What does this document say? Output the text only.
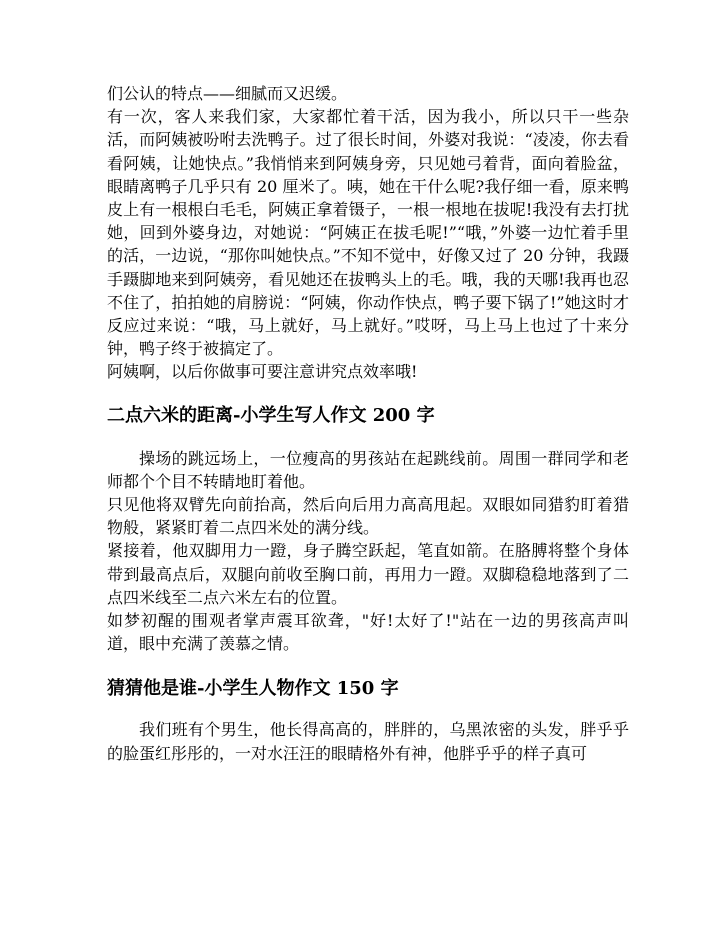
们公认的特点——细腻而又迟缓。

有一次，客人来我们家，大家都忙着干活，因为我小，所以只干一些杂活，而阿姨被吩咐去洗鸭子。过了很长时间，外婆对我说：“凌凌，你去看看阿姨，让她快点。”我悄悄来到阿姨身旁，只见她弓着背，面向着脸盆，眼睛离鸭子几乎只有 20 厘米了。咦，她在干什么呢?我仔细一看，原来鸭皮上有一根根白毛毛，阿姨正拿着镊子，一根一根地在拔呢!我没有去打扰她，回到外婆身边，对她说：“阿姨正在拔毛呢!”“哦，”外婆一边忙着手里的活，一边说，“那你叫她快点。”不知不觉中，好像又过了 20 分钟，我蹑手蹑脚地来到阿姨旁，看见她还在拔鸭头上的毛。哦，我的天哪!我再也忍不住了，拍拍她的肩膀说：“阿姨，你动作快点，鸭子要下锅了!”她这时才反应过来说：“哦，马上就好，马上就好。”哎呀，马上马上也过了十来分钟，鸭子终于被搞定了。

阿姨啊，以后你做事可要注意讲究点效率哦!

二点六米的距离-小学生写人作文 200 字

操场的跳远场上，一位瘦高的男孩站在起跳线前。周围一群同学和老师都个个目不转睛地盯着他。

只见他将双臂先向前抬高，然后向后用力高高甩起。双眼如同猎豹盯着猎物般，紧紧盯着二点四米处的满分线。

紧接着，他双脚用力一蹬，身子腾空跃起，笔直如箭。在胳膊将整个身体带到最高点后，双腿向前收至胸口前，再用力一蹬。双脚稳稳地落到了二点四米线至二点六米左右的位置。

如梦初醒的围观者掌声震耳欲聋，"好!太好了!"站在一边的男孩高声叫道，眼中充满了羡慕之情。

猜猜他是谁-小学生人物作文 150 字

我们班有个男生，他长得高高的，胖胖的，乌黑浓密的头发，胖乎乎的脸蛋红彤彤的，一对水汪汪的眼睛格外有神，他胖乎乎的样子真可
